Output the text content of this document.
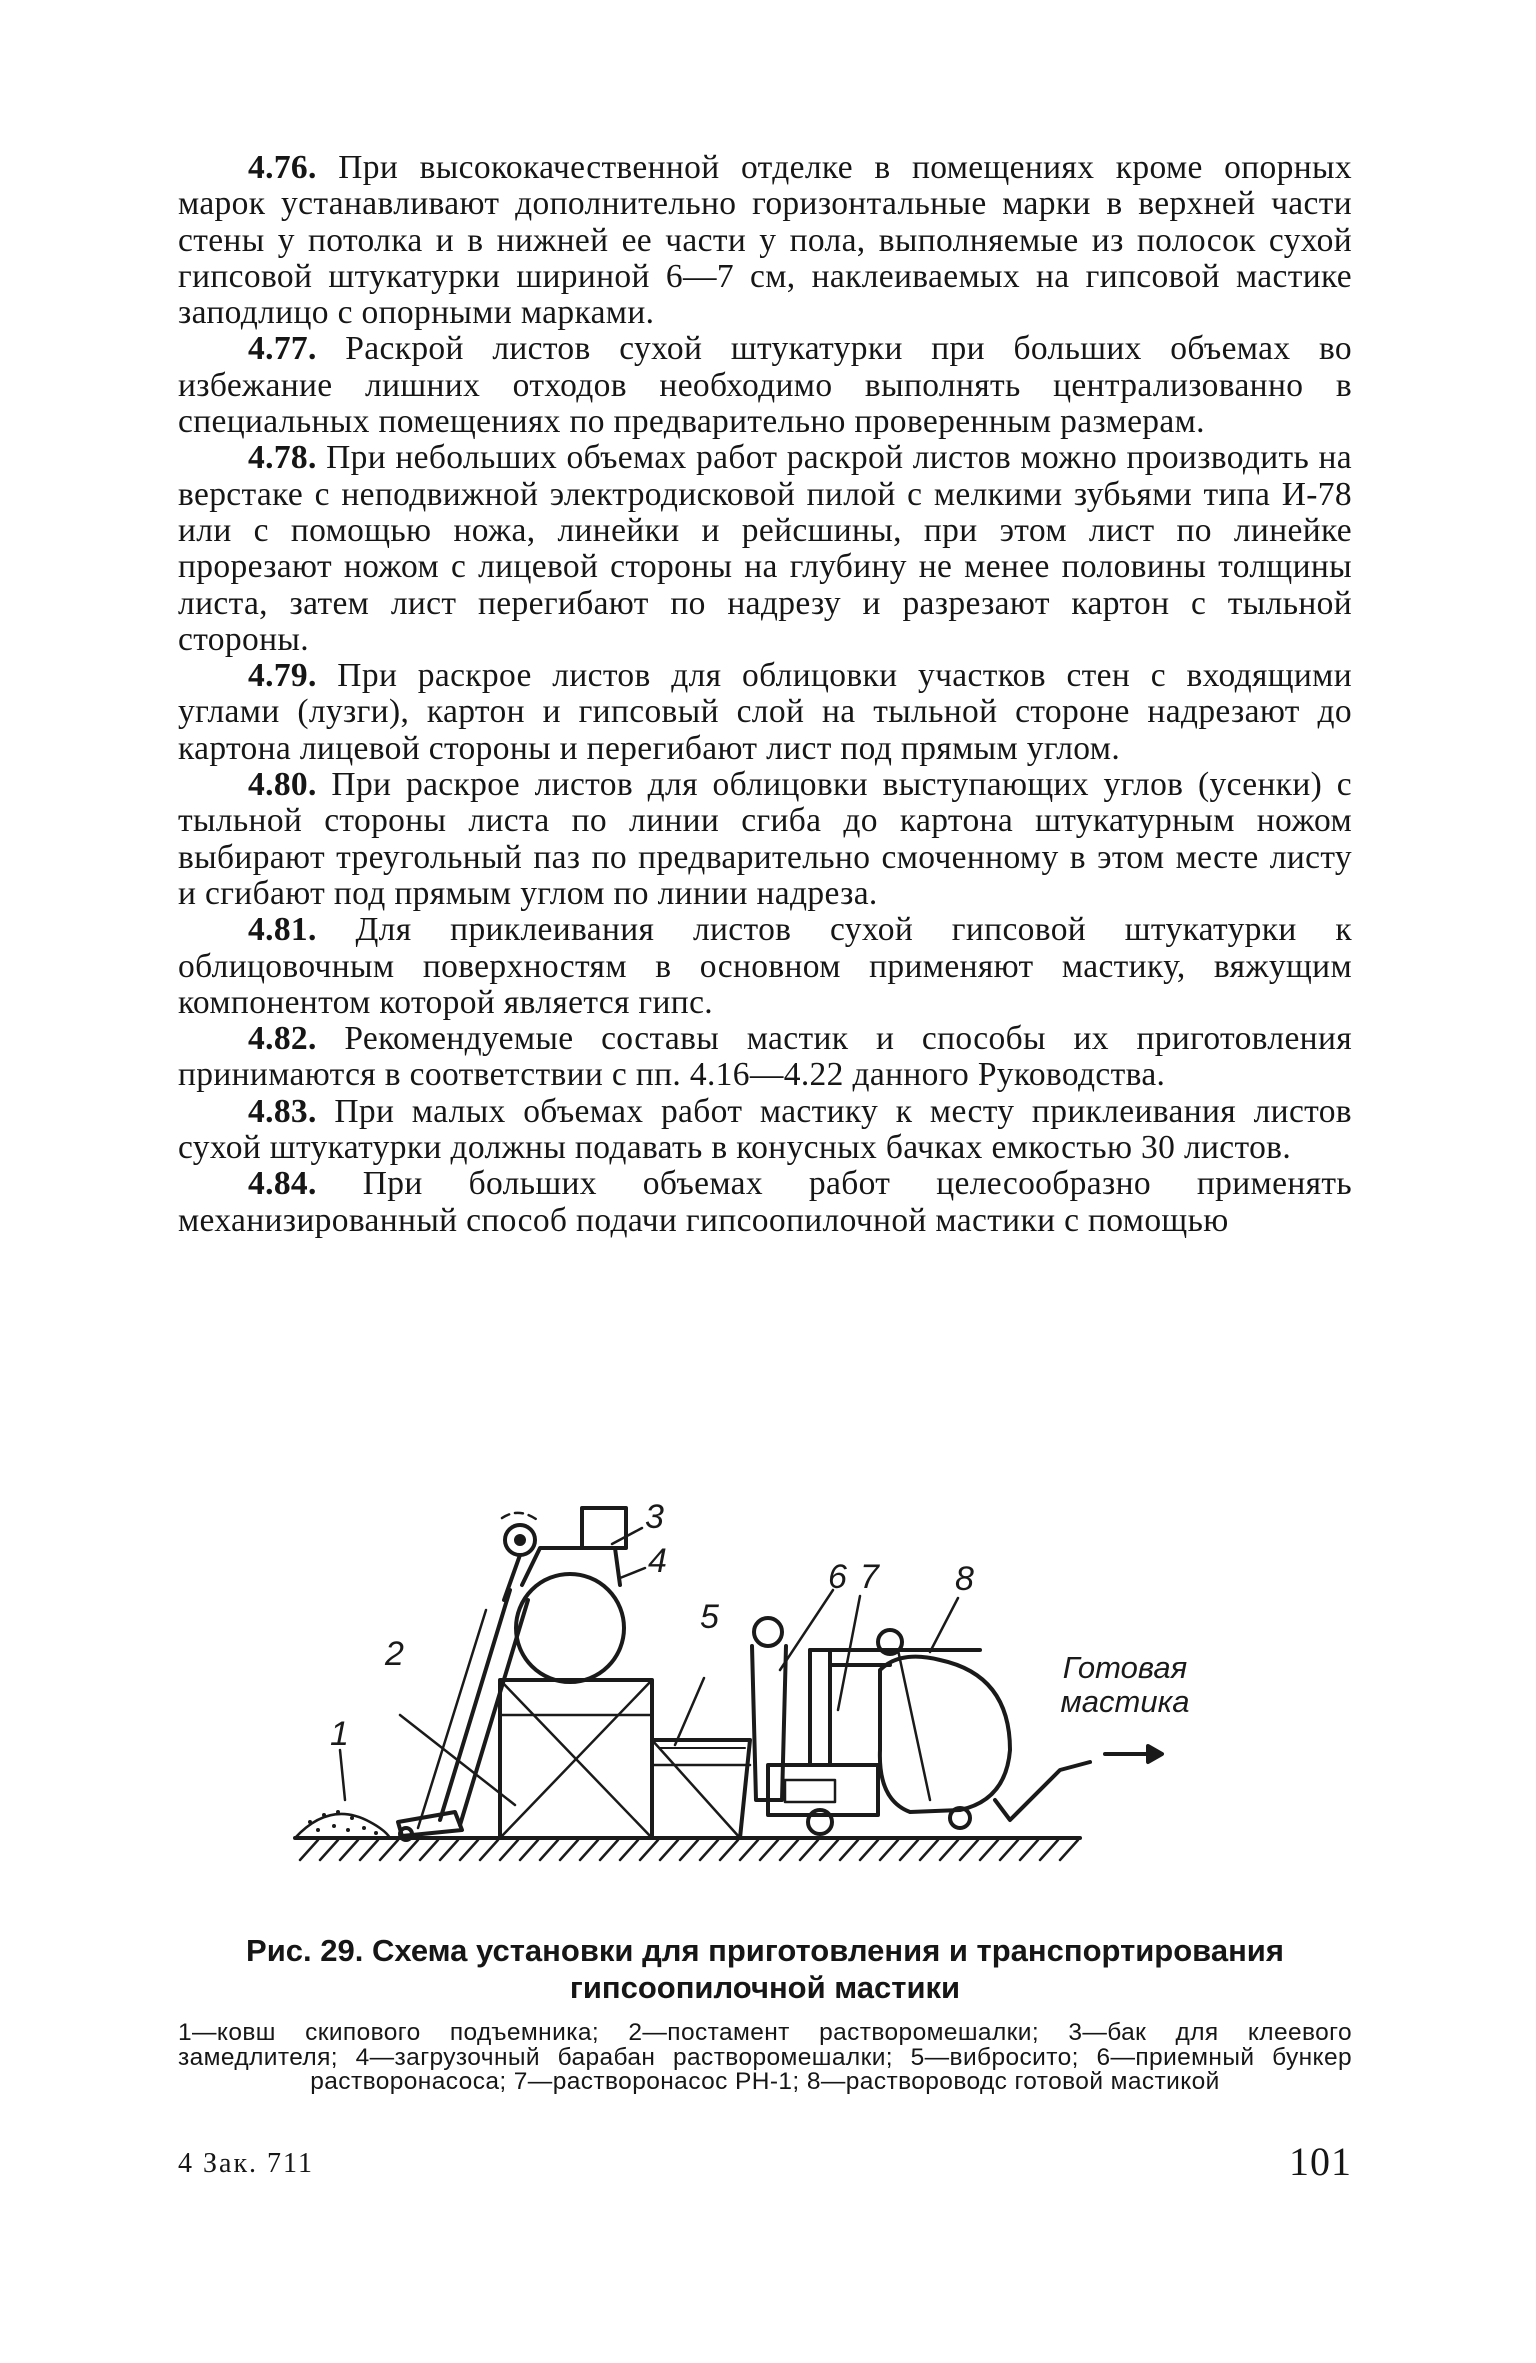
4.76. При высококачественной отделке в помещениях кроме опорных марок устанавливают дополнительно горизонтальные марки в верхней части стены у потолка и в нижней ее части у пола, выполняемые из полосок сухой гипсовой штукатурки шириной 6—7 см, наклеиваемых на гипсовой мастике заподлицо с опорными марками.

4.77. Раскрой листов сухой штукатурки при больших объемах во избежание лишних отходов необходимо выполнять централизованно в специальных помещениях по предварительно проверенным размерам.

4.78. При небольших объемах работ раскрой листов можно производить на верстаке с неподвижной электродисковой пилой с мелкими зубьями типа И-78 или с помощью ножа, линейки и рейсшины, при этом лист по линейке прорезают ножом с лицевой стороны на глубину не менее половины толщины листа, затем лист перегибают по надрезу и разрезают картон с тыльной стороны.

4.79. При раскрое листов для облицовки участков стен с входящими углами (лузги), картон и гипсовый слой на тыльной стороне надрезают до картона лицевой стороны и перегибают лист под прямым углом.

4.80. При раскрое листов для облицовки выступающих углов (усенки) с тыльной стороны листа по линии сгиба до картона штукатурным ножом выбирают треугольный паз по предварительно смоченному в этом месте листу и сгибают под прямым углом по линии надреза.

4.81. Для приклеивания листов сухой гипсовой штукатурки к облицовочным поверхностям в основном применяют мастику, вяжущим компонентом которой является гипс.

4.82. Рекомендуемые составы мастик и способы их приготовления принимаются в соответствии с пп. 4.16—4.22 данного Руководства.

4.83. При малых объемах работ мастику к месту приклеивания листов сухой штукатурки должны подавать в конусных бачках емкостью 30 листов.

4.84. При больших объемах работ целесообразно применять механизированный способ подачи гипсоопилочной мастики с помощью

1
2
3
4
5
6 7 8
Готовая
мастика

Рис. 29. Схема установки для приготовления и транспортирования

гипсоопилочной мастики

1—ковш скипового подъемника; 2—постамент растворомешалки; 3—бак для клеевого замедлителя; 4—загрузочный барабан растворомешалки; 5—вибросито; 6—приемный бункер растворонасоса; 7—растворонасос РН-1; 8—раствороводс готовой мастикой
4 Зак. 711	101
